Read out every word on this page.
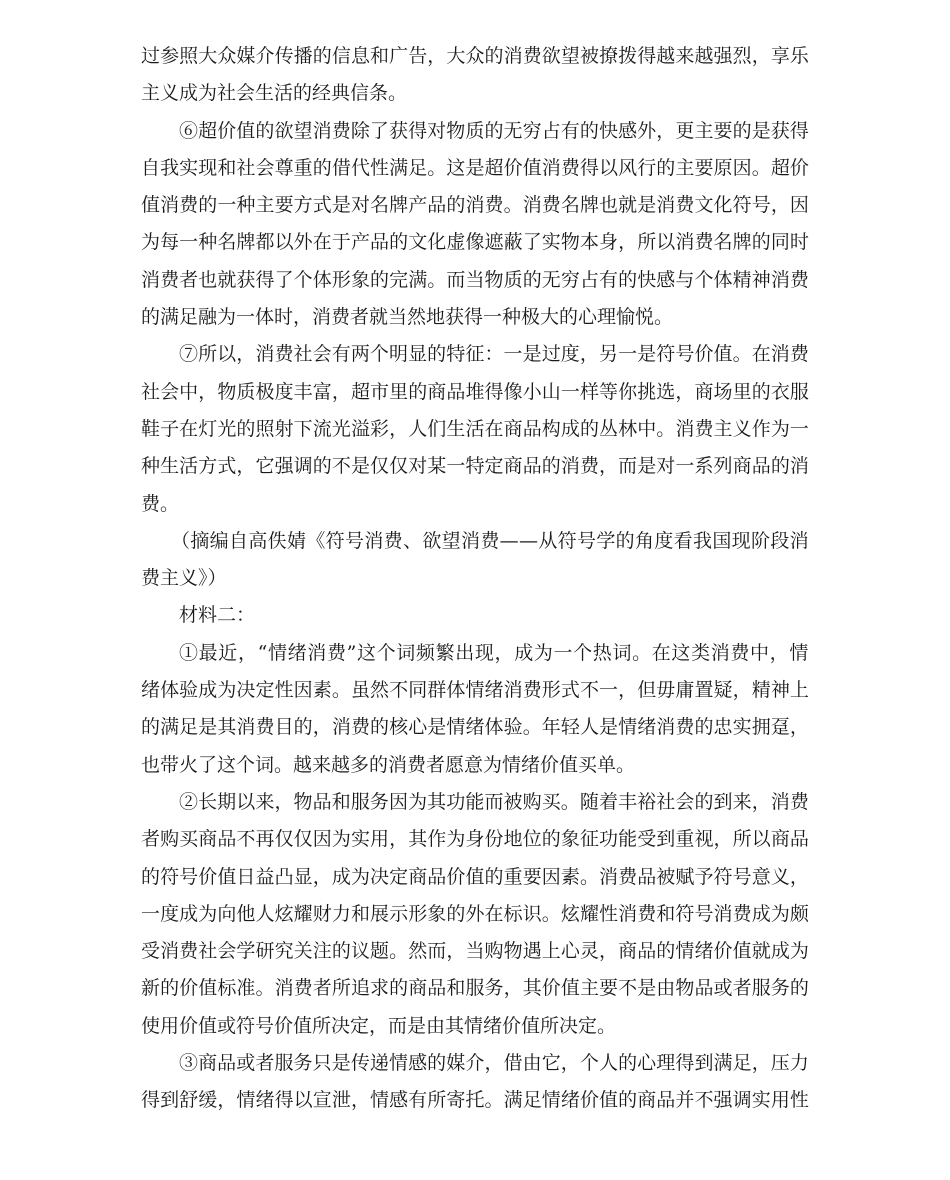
过参照大众媒介传播的信息和广告，大众的消费欲望被撩拨得越来越强烈，享乐
主义成为社会生活的经典信条。
⑥超价值的欲望消费除了获得对物质的无穷占有的快感外，更主要的是获得
自我实现和社会尊重的借代性满足。这是超价值消费得以风行的主要原因。超价
值消费的一种主要方式是对名牌产品的消费。消费名牌也就是消费文化符号，因
为每一种名牌都以外在于产品的文化虚像遮蔽了实物本身，所以消费名牌的同时
消费者也就获得了个体形象的完满。而当物质的无穷占有的快感与个体精神消费
的满足融为一体时，消费者就当然地获得一种极大的心理愉悦。
⑦所以，消费社会有两个明显的特征：一是过度，另一是符号价值。在消费
社会中，物质极度丰富，超市里的商品堆得像小山一样等你挑选，商场里的衣服
鞋子在灯光的照射下流光溢彩，人们生活在商品构成的丛林中。消费主义作为一
种生活方式，它强调的不是仅仅对某一特定商品的消费，而是对一系列商品的消
费。
（摘编自高佚婧《符号消费、欲望消费——从符号学的角度看我国现阶段消
费主义》）
材料二：
①最近，“情绪消费”这个词频繁出现，成为一个热词。在这类消费中，情
绪体验成为决定性因素。虽然不同群体情绪消费形式不一，但毋庸置疑，精神上
的满足是其消费目的，消费的核心是情绪体验。年轻人是情绪消费的忠实拥趸，
也带火了这个词。越来越多的消费者愿意为情绪价值买单。
②长期以来，物品和服务因为其功能而被购买。随着丰裕社会的到来，消费
者购买商品不再仅仅因为实用，其作为身份地位的象征功能受到重视，所以商品
的符号价值日益凸显，成为决定商品价值的重要因素。消费品被赋予符号意义，
一度成为向他人炫耀财力和展示形象的外在标识。炫耀性消费和符号消费成为颇
受消费社会学研究关注的议题。然而，当购物遇上心灵，商品的情绪价值就成为
新的价值标准。消费者所追求的商品和服务，其价值主要不是由物品或者服务的
使用价值或符号价值所决定，而是由其情绪价值所决定。
③商品或者服务只是传递情感的媒介，借由它，个人的心理得到满足，压力
得到舒缓，情绪得以宣泄，情感有所寄托。满足情绪价值的商品并不强调实用性
